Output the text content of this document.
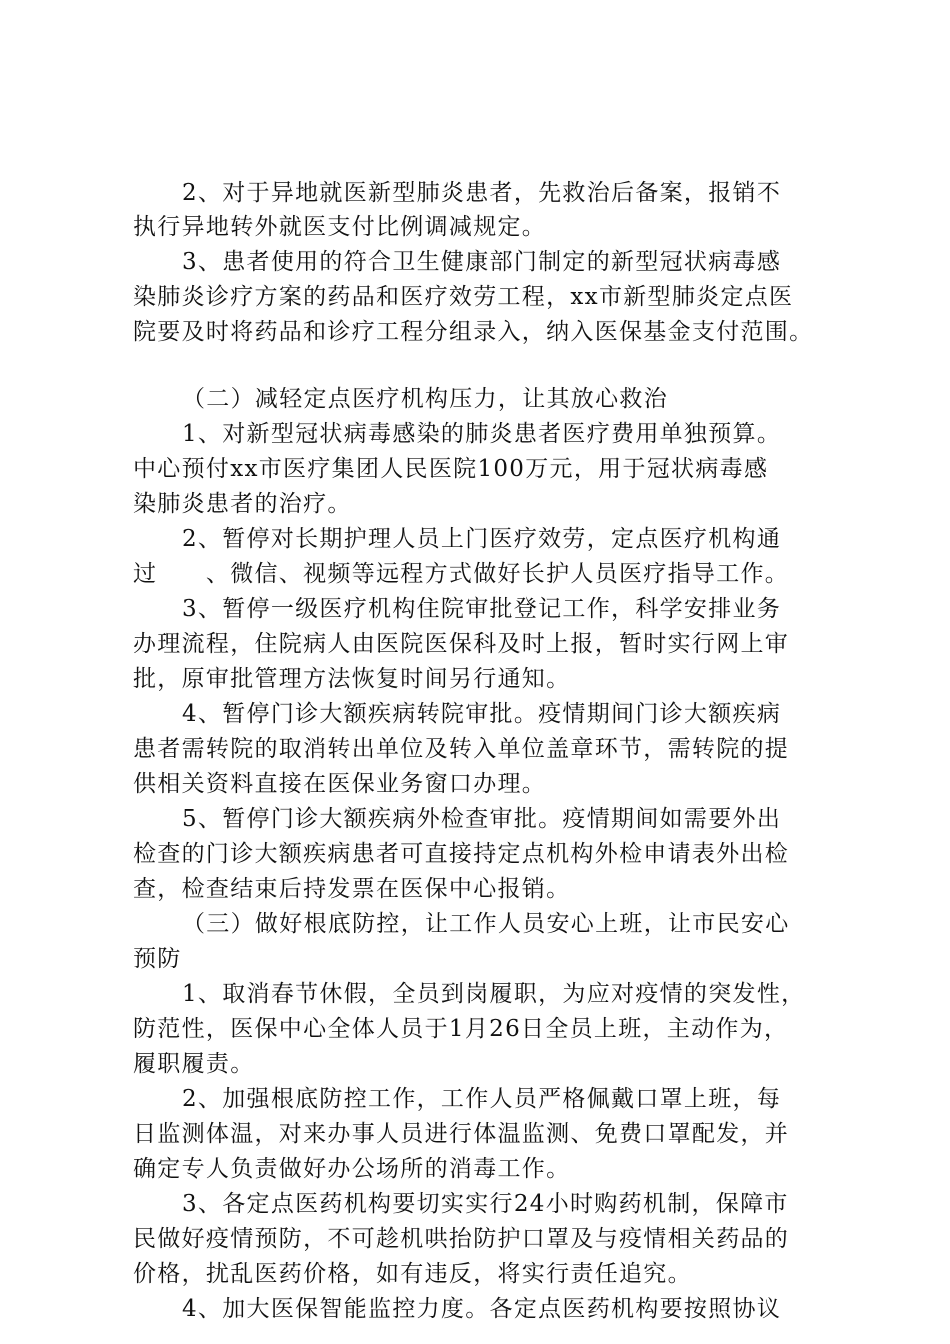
2、对于异地就医新型肺炎患者，先救治后备案，报销不

执行异地转外就医支付比例调减规定。

3、患者使用的符合卫生健康部门制定的新型冠状病毒感

染肺炎诊疗方案的药品和医疗效劳工程，xx市新型肺炎定点医

院要及时将药品和诊疗工程分组录入，纳入医保基金支付范围。

（二）减轻定点医疗机构压力，让其放心救治

1、对新型冠状病毒感染的肺炎患者医疗费用单独预算。

中心预付xx市医疗集团人民医院100万元，用于冠状病毒感

染肺炎患者的治疗。

2、暂停对长期护理人员上门医疗效劳，定点医疗机构通

过　　、微信、视频等远程方式做好长护人员医疗指导工作。

3、暂停一级医疗机构住院审批登记工作，科学安排业务

办理流程，住院病人由医院医保科及时上报，暂时实行网上审

批，原审批管理方法恢复时间另行通知。

4、暂停门诊大额疾病转院审批。疫情期间门诊大额疾病

患者需转院的取消转出单位及转入单位盖章环节，需转院的提

供相关资料直接在医保业务窗口办理。

5、暂停门诊大额疾病外检查审批。疫情期间如需要外出

检查的门诊大额疾病患者可直接持定点机构外检申请表外出检

查，检查结束后持发票在医保中心报销。

（三）做好根底防控，让工作人员安心上班，让市民安心

预防

1、取消春节休假，全员到岗履职，为应对疫情的突发性，

防范性，医保中心全体人员于1月26日全员上班，主动作为，

履职履责。

2、加强根底防控工作，工作人员严格佩戴口罩上班，每

日监测体温，对来办事人员进行体温监测、免费口罩配发，并

确定专人负责做好办公场所的消毒工作。

3、各定点医药机构要切实实行24小时购药机制，保障市

民做好疫情预防，不可趁机哄抬防护口罩及与疫情相关药品的

价格，扰乱医药价格，如有违反，将实行责任追究。

4、加大医保智能监控力度。各定点医药机构要按照协议
